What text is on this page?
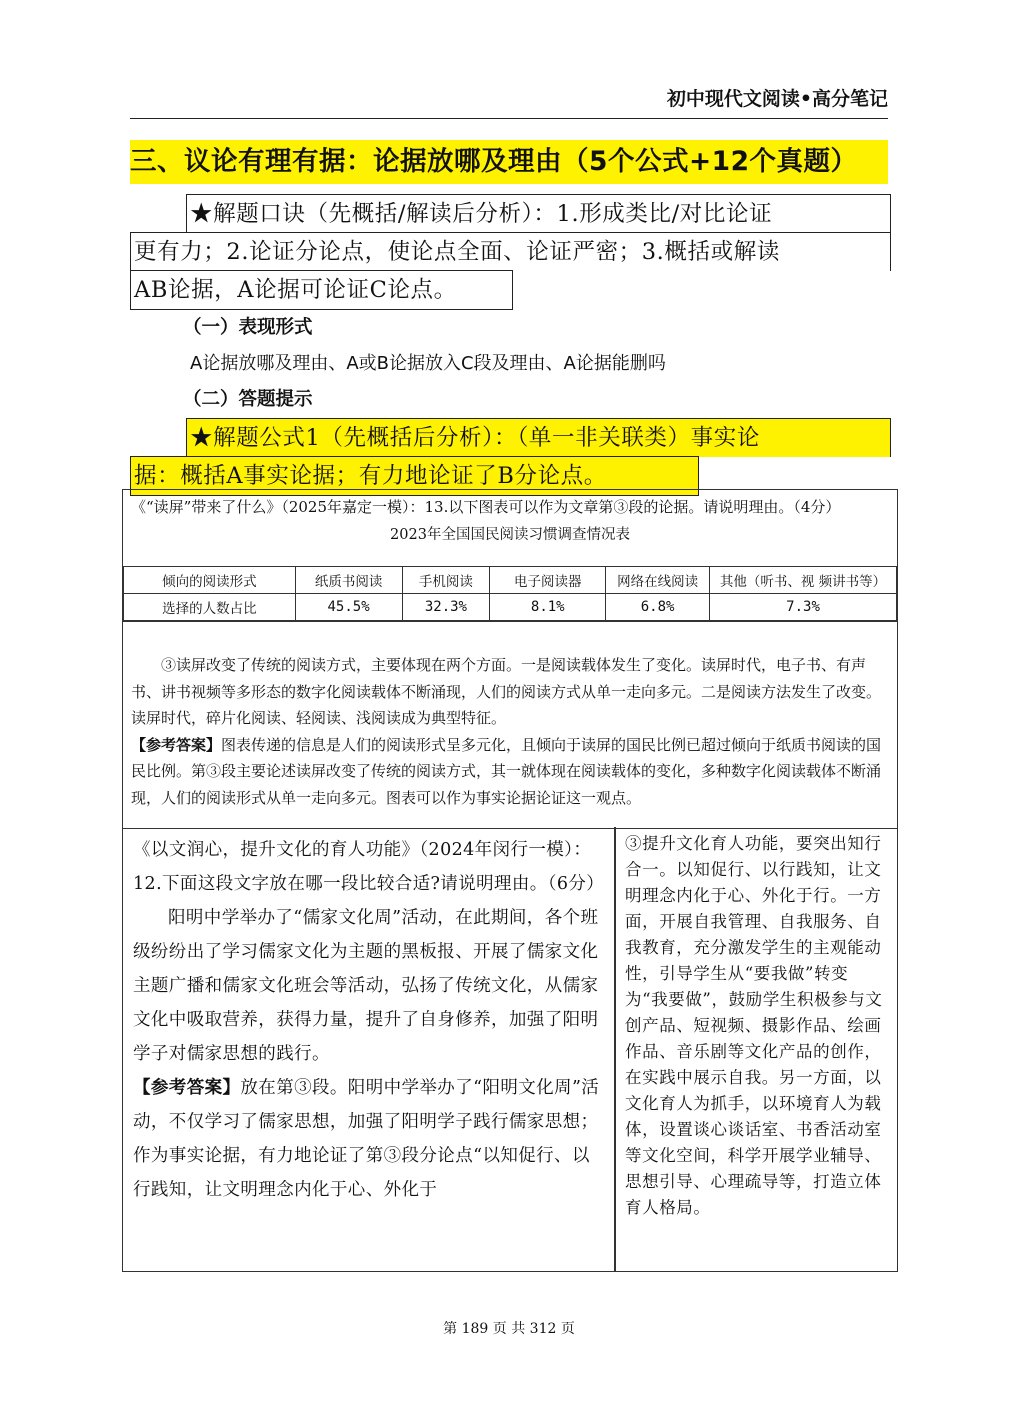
初中现代文阅读•高分笔记
三、议论有理有据：论据放哪及理由（5个公式+12个真题）
★解题口诀（先概括/解读后分析）：1.形成类比/对比论证
更有力；2.论证分论点，使论点全面、论证严密；3.概括或解读
AB论据，A论据可论证C论点。
（一）表现形式
A论据放哪及理由、A或B论据放入C段及理由、A论据能删吗
（二）答题提示
★解题公式1（先概括后分析）：（单一非关联类）事实论
据：概括A事实论据；有力地论证了B分论点。

《“读屏”带来了什么》（2025年嘉定一模）：13.以下图表可以作为文章第③段的论据。请说明理由。（4分）

2023年全国国民阅读习惯调查情况表
倾向的阅读形式	纸质书阅读	手机阅读	电子阅读器	网络在线阅读	其他（听书、视 频讲书等）
选择的人数占比	45.5%	32.3%	8.1%	6.8%	7.3%

③读屏改变了传统的阅读方式，主要体现在两个方面。一是阅读载体发生了变化。读屏时代，电子书、有声书、讲书视频等多形态的数字化阅读载体不断涌现，人们的阅读方式从单一走向多元。二是阅读方法发生了改变。读屏时代，碎片化阅读、轻阅读、浅阅读成为典型特征。

【参考答案】图表传递的信息是人们的阅读形式呈多元化，且倾向于读屏的国民比例已超过倾向于纸质书阅读的国民比例。第③段主要论述读屏改变了传统的阅读方式，其一就体现在阅读载体的变化，多种数字化阅读载体不断涌现，人们的阅读形式从单一走向多元。图表可以作为事实论据论证这一观点。

《以文润心，提升文化的育人功能》（2024年闵行一模）：12.下面这段文字放在哪一段比较合适?请说明理由。（6分）

阳明中学举办了“儒家文化周”活动，在此期间，各个班级纷纷出了学习儒家文化为主题的黑板报、开展了儒家文化主题广播和儒家文化班会等活动，弘扬了传统文化，从儒家文化中吸取营养，获得力量，提升了自身修养，加强了阳明学子对儒家思想的践行。

【参考答案】放在第③段。阳明中学举办了“阳明文化周”活动，不仅学习了儒家思想，加强了阳明学子践行儒家思想；作为事实论据，有力地论证了第③段分论点“以知促行、以行践知，让文明理念内化于心、外化于

③提升文化育人功能，要突出知行合一。以知促行、以行践知，让文明理念内化于心、外化于行。一方面，开展自我管理、自我服务、自我教育，充分激发学生的主观能动性，引导学生从“要我做”转变为“我要做”，鼓励学生积极参与文创产品、短视频、摄影作品、绘画作品、音乐剧等文化产品的创作，在实践中展示自我。另一方面，以文化育人为抓手，以环境育人为载体，设置谈心谈话室、书香活动室等文化空间，科学开展学业辅导、思想引导、心理疏导等，打造立体育人格局。
第 189 页 共 312 页
